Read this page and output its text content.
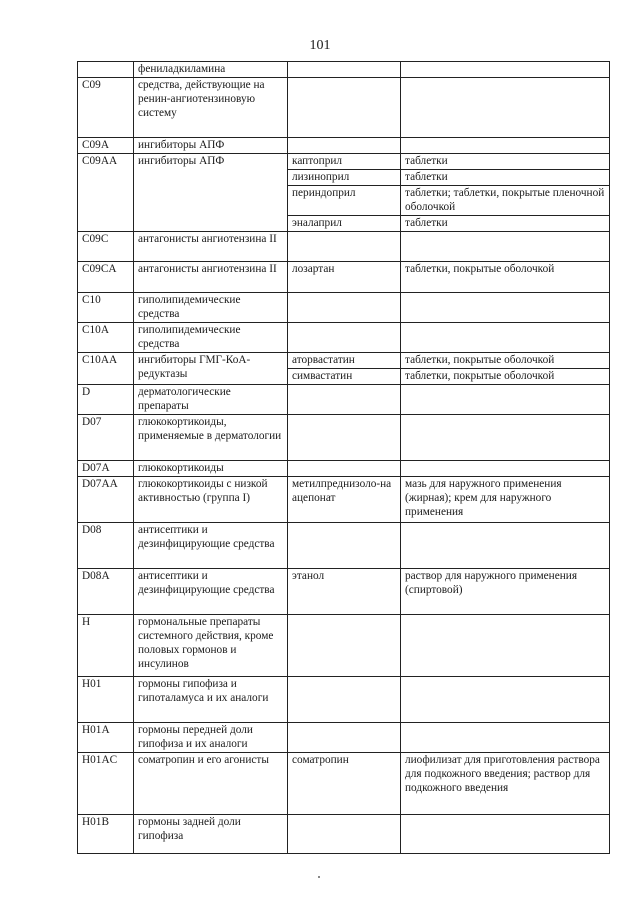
101
	фениладкиламина		
C09	средства, действующие на ренин-ангиотензиновую систему		
C09A	ингибиторы АПФ		
C09AA	ингибиторы АПФ	каптоприл	таблетки
		лизиноприл	таблетки
		периндоприл	таблетки; таблетки, покрытые пленочной оболочкой
		эналаприл	таблетки
C09C	антагонисты ангиотензина II		
C09CA	антагонисты ангиотензина II	лозартан	таблетки, покрытые оболочкой
C10	гиполипидемические средства		
C10A	гиполипидемические средства		
C10AA	ингибиторы ГМГ-КоА-редуктазы	аторвастатин	таблетки, покрытые оболочкой
		симвастатин	таблетки, покрытые оболочкой
D	дерматологические препараты		
D07	глюкокортикоиды, применяемые в дерматологии		
D07A	глюкокортикоиды		
D07AA	глюкокортикоиды с низкой активностью (группа I)	метилпреднизоло-на ацепонат	мазь для наружного применения (жирная); крем для наружного применения
D08	антисептики и дезинфицирующие средства		
D08A	антисептики и дезинфицирующие средства	этанол	раствор для наружного применения (спиртовой)
H	гормональные препараты системного действия, кроме половых гормонов и инсулинов		
H01	гормоны гипофиза и гипоталамуса и их аналоги		
H01A	гормоны передней доли гипофиза и их аналоги		
H01AC	соматропин и его агонисты	соматропин	лиофилизат для приготовления раствора для подкожного введения; раствор для подкожного введения
H01B	гормоны задней доли гипофиза		
